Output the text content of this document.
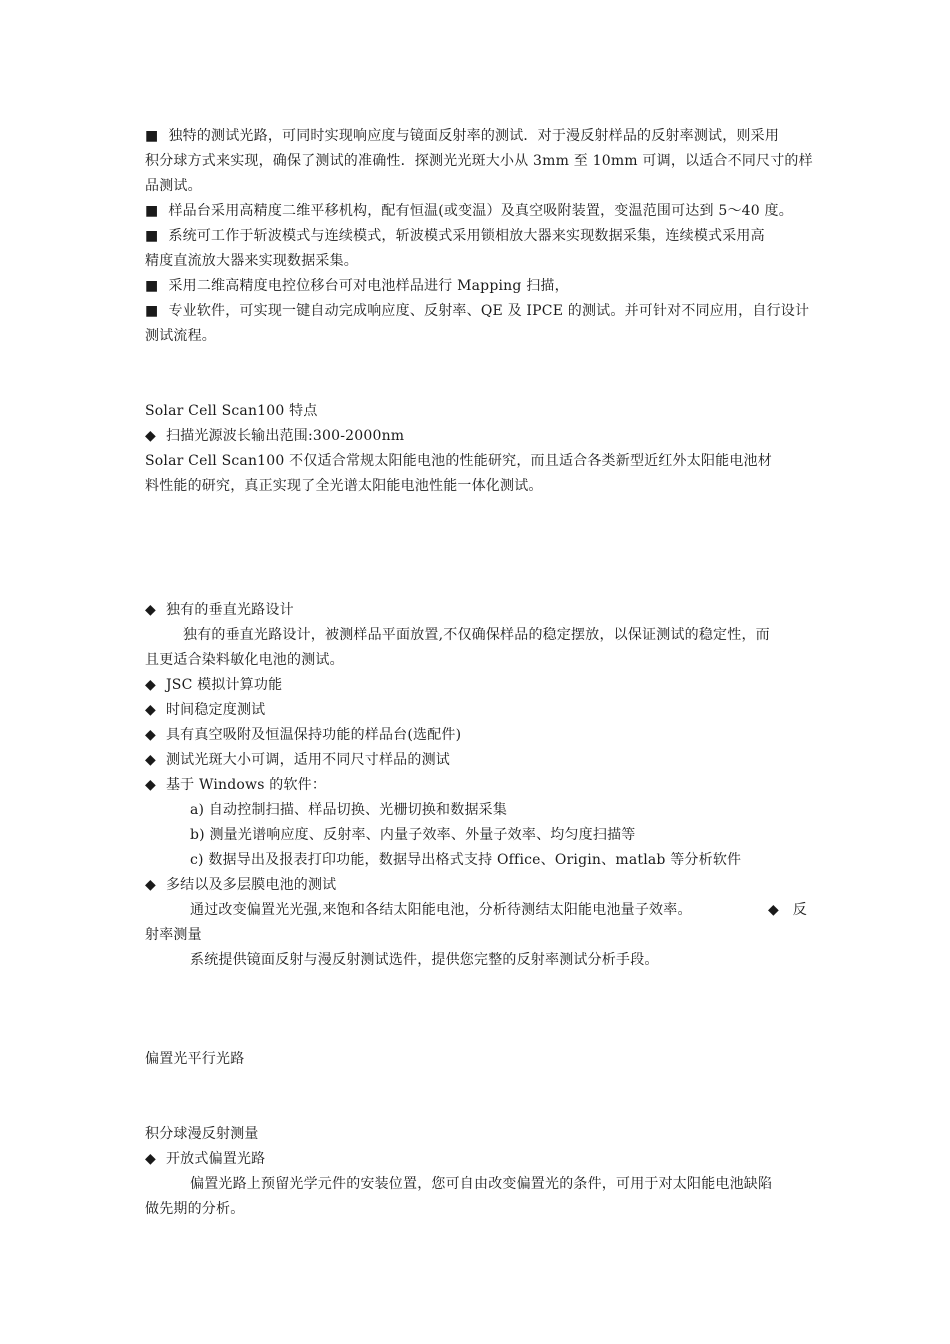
■ 独特的测试光路，可同时实现响应度与镜面反射率的测试．对于漫反射样品的反射率测试，则采用
积分球方式来实现，确保了测试的准确性．探测光光斑大小从 3mm 至 10mm 可调，以适合不同尺寸的样
品测试。
■ 样品台采用高精度二维平移机构，配有恒温(或变温）及真空吸附装置，变温范围可达到 5～40 度。
■ 系统可工作于斩波模式与连续模式，斩波模式采用锁相放大器来实现数据采集，连续模式采用高
精度直流放大器来实现数据采集。
■ 采用二维高精度电控位移台可对电池样品进行 Mapping 扫描，
■ 专业软件，可实现一键自动完成响应度、反射率、QE 及 IPCE 的测试。并可针对不同应用，自行设计
测试流程。
Solar Cell Scan100 特点
◆ 扫描光源波长输出范围:300-2000nm
Solar Cell Scan100 不仅适合常规太阳能电池的性能研究，而且适合各类新型近红外太阳能电池材
料性能的研究，真正实现了全光谱太阳能电池性能一体化测试。
◆ 独有的垂直光路设计
独有的垂直光路设计，被测样品平面放置,不仅确保样品的稳定摆放，以保证测试的稳定性，而
且更适合染料敏化电池的测试。
◆ JSC 模拟计算功能
◆ 时间稳定度测试
◆ 具有真空吸附及恒温保持功能的样品台(选配件)
◆ 测试光斑大小可调，适用不同尺寸样品的测试
◆ 基于 Windows 的软件：
a) 自动控制扫描、样品切换、光栅切换和数据采集
b) 测量光谱响应度、反射率、内量子效率、外量子效率、均匀度扫描等
c) 数据导出及报表打印功能，数据导出格式支持 Office、Origin、matlab 等分析软件
◆ 多结以及多层膜电池的测试
通过改变偏置光光强,来饱和各结太阳能电池，分析待测结太阳能电池量子效率。	◆ 反
射率测量
系统提供镜面反射与漫反射测试选件，提供您完整的反射率测试分析手段。
偏置光平行光路
积分球漫反射测量
◆ 开放式偏置光路
偏置光路上预留光学元件的安装位置，您可自由改变偏置光的条件，可用于对太阳能电池缺陷
做先期的分析。
